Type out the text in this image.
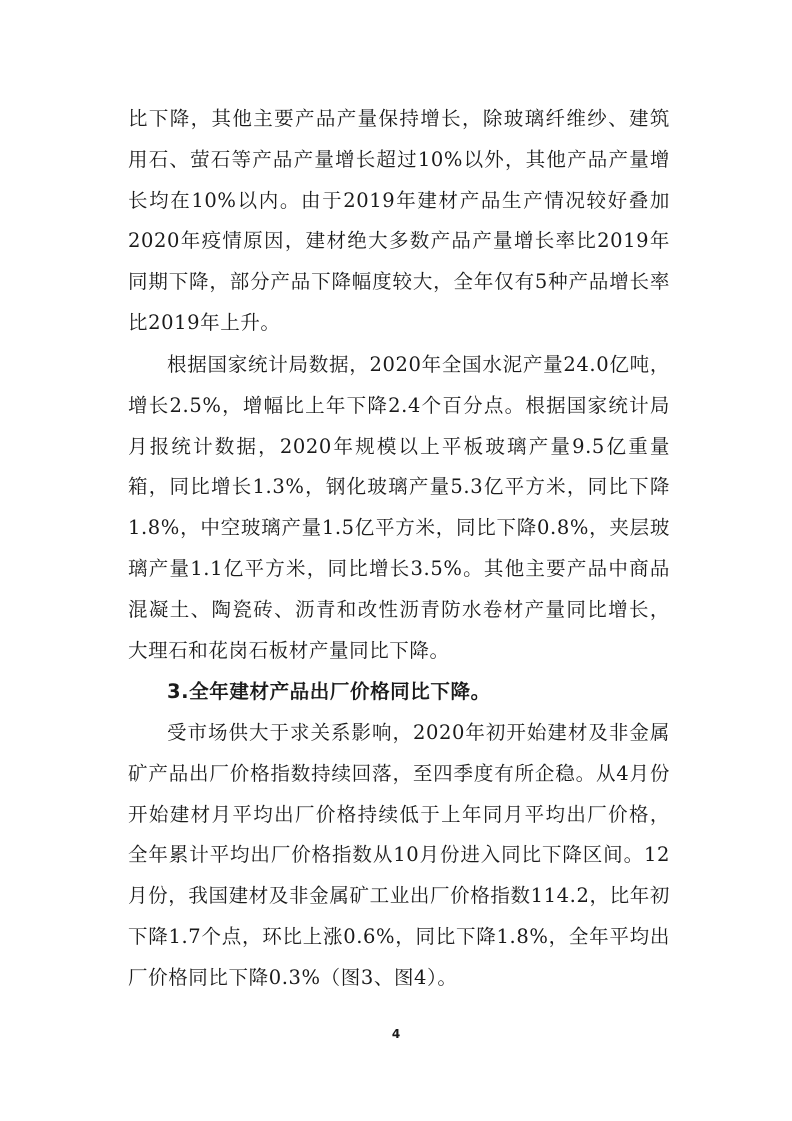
比下降，其他主要产品产量保持增长，除玻璃纤维纱、建筑用石、萤石等产品产量增长超过10%以外，其他产品产量增长均在10%以内。由于2019年建材产品生产情况较好叠加2020年疫情原因，建材绝大多数产品产量增长率比2019年同期下降，部分产品下降幅度较大，全年仅有5种产品增长率比2019年上升。

根据国家统计局数据，2020年全国水泥产量24.0亿吨，增长2.5%，增幅比上年下降2.4个百分点。根据国家统计局月报统计数据，2020年规模以上平板玻璃产量9.5亿重量箱，同比增长1.3%，钢化玻璃产量5.3亿平方米，同比下降1.8%，中空玻璃产量1.5亿平方米，同比下降0.8%，夹层玻璃产量1.1亿平方米，同比增长3.5%。其他主要产品中商品混凝土、陶瓷砖、沥青和改性沥青防水卷材产量同比增长，大理石和花岗石板材产量同比下降。

3.全年建材产品出厂价格同比下降。

受市场供大于求关系影响，2020年初开始建材及非金属矿产品出厂价格指数持续回落，至四季度有所企稳。从4月份开始建材月平均出厂价格持续低于上年同月平均出厂价格，全年累计平均出厂价格指数从10月份进入同比下降区间。12月份，我国建材及非金属矿工业出厂价格指数114.2，比年初下降1.7个点，环比上涨0.6%，同比下降1.8%，全年平均出厂价格同比下降0.3%（图3、图4）。

4
